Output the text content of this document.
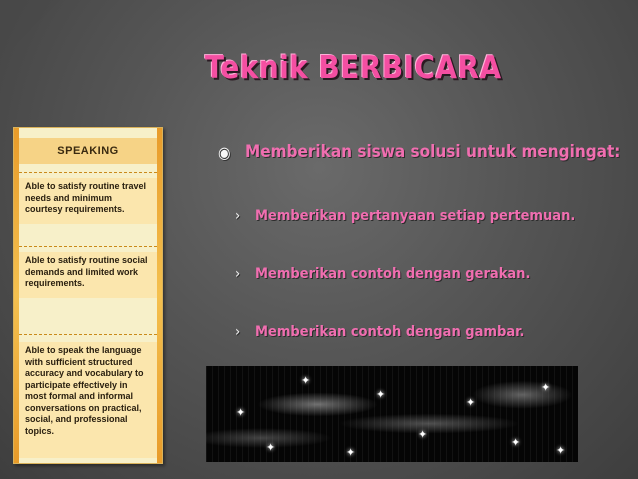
Teknik BERBICARA
SPEAKING
Able to satisfy routine travel needs and minimum courtesy requirements.
Able to satisfy routine social demands and limited work requirements.
Able to speak the language with sufficient structured accuracy and vocabulary to participate effectively in most formal and informal conversations on practical, social, and professional topics.
◉ Memberikan siswa solusi untuk mengingat:
› Memberikan pertanyaan setiap pertemuan.
› Memberikan contoh dengan gerakan.
› Memberikan contoh dengan gambar.
✦
✦
✦
✦
✦
✦
✦
✦
✦	✦
